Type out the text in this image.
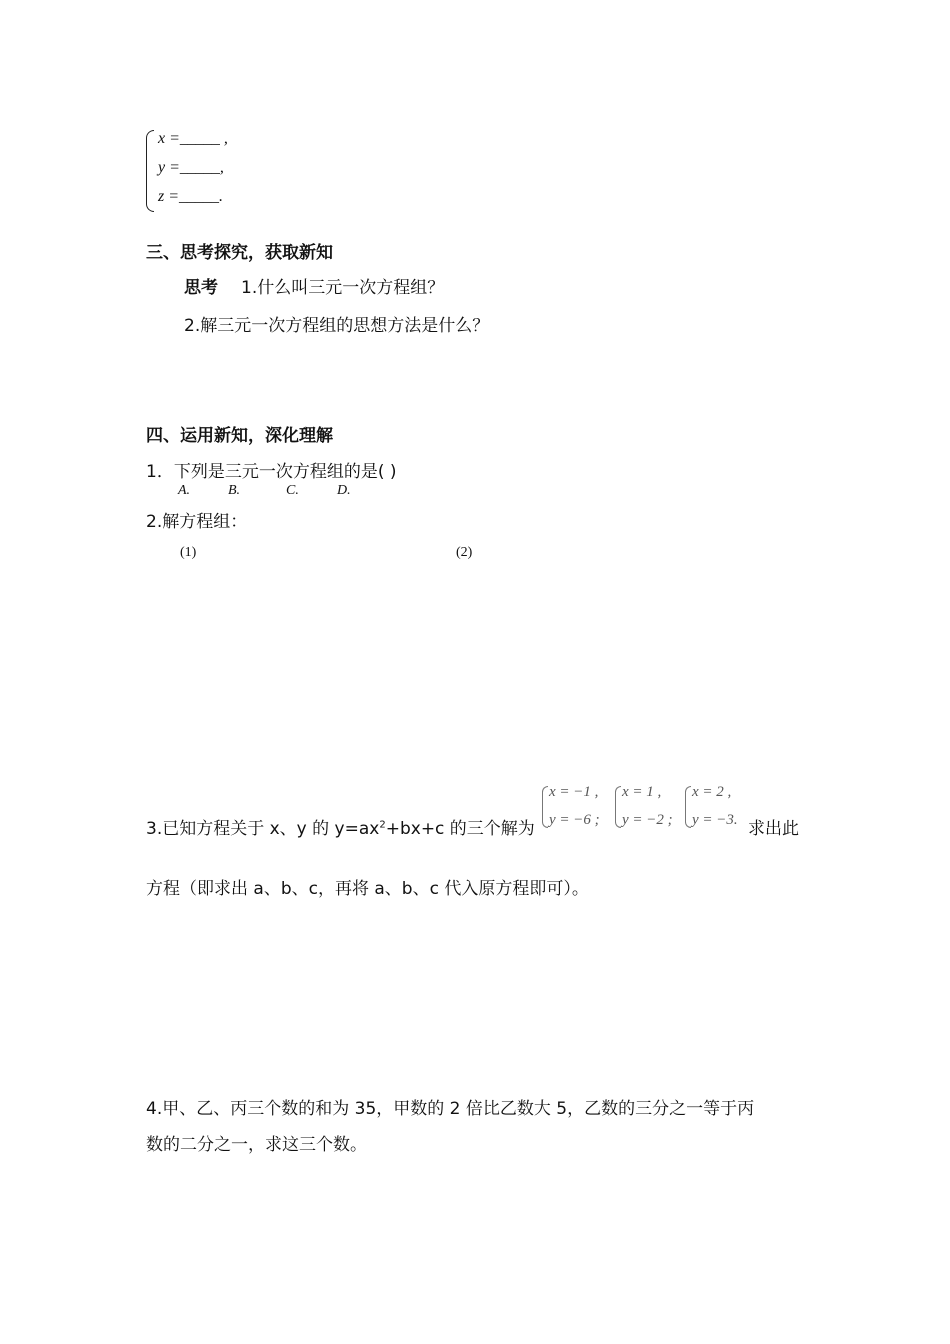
x =_____ ,
y =_____,
z =_____.
三、思考探究，获取新知
思考 1.什么叫三元一次方程组？
2.解三元一次方程组的思想方法是什么？
四、运用新知，深化理解
1．下列是三元一次方程组的是( )
A.	B.	C.	D.
2.解方程组：
(1)	(2)
3.已知方程关于 x、y 的 $y=ax^2+bx+c$ 的三个解为
x = −1 ,
y = −6 ;
x = 1 ,
y = −2 ;
x = 2 ,
y = −3. 求出此
方程（即求出 a、b、c，再将 a、b、c 代入原方程即可）。
4.甲、乙、丙三个数的和为 35，甲数的 2 倍比乙数大 5，乙数的三分之一等于丙
数的二分之一，求这三个数。
